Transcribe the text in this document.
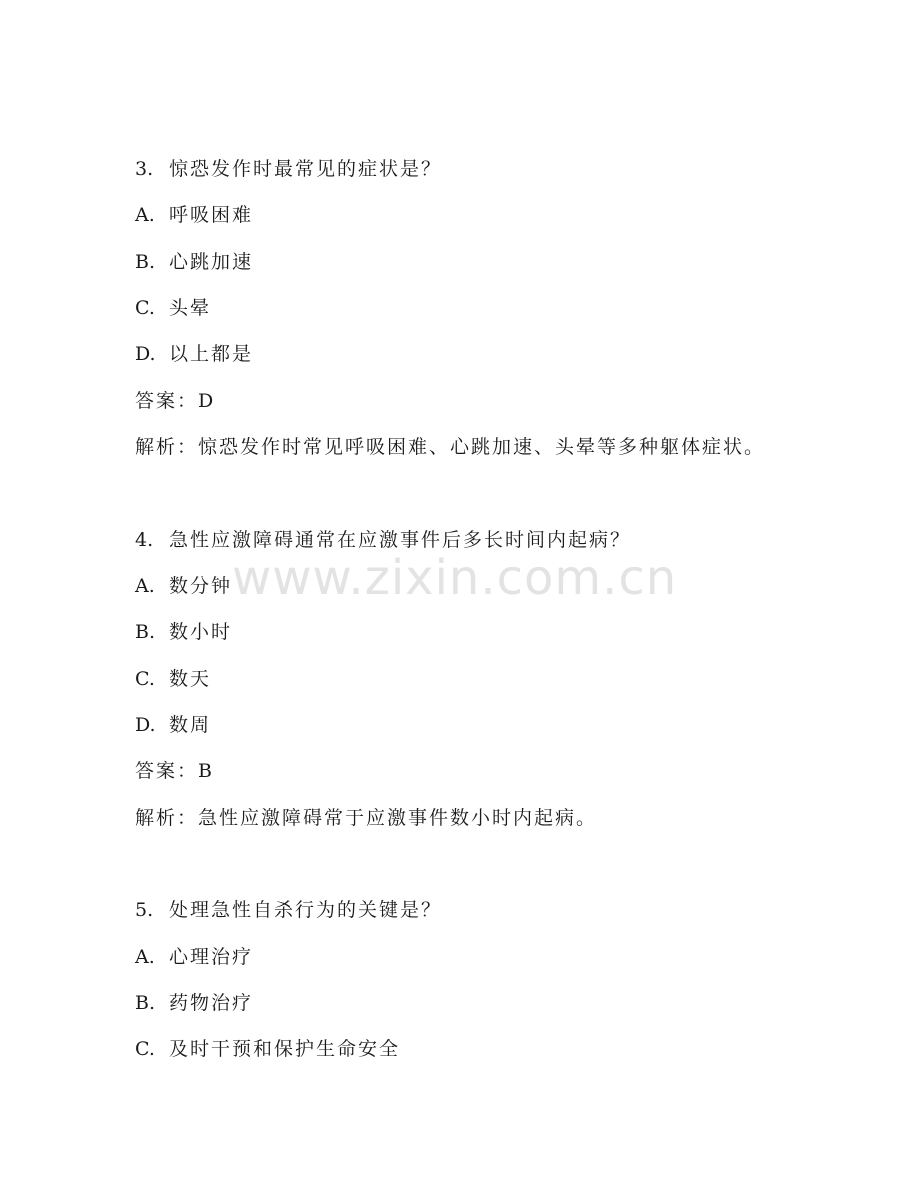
3. 惊恐发作时最常见的症状是？
A. 呼吸困难
B. 心跳加速
C. 头晕
D. 以上都是
答案：D
解析：惊恐发作时常见呼吸困难、心跳加速、头晕等多种躯体症状。
4. 急性应激障碍通常在应激事件后多长时间内起病？
A. 数分钟
B. 数小时
C. 数天
D. 数周
答案：B
解析：急性应激障碍常于应激事件数小时内起病。
5. 处理急性自杀行为的关键是？
A. 心理治疗
B. 药物治疗
C. 及时干预和保护生命安全
www.zixin.com.cn
